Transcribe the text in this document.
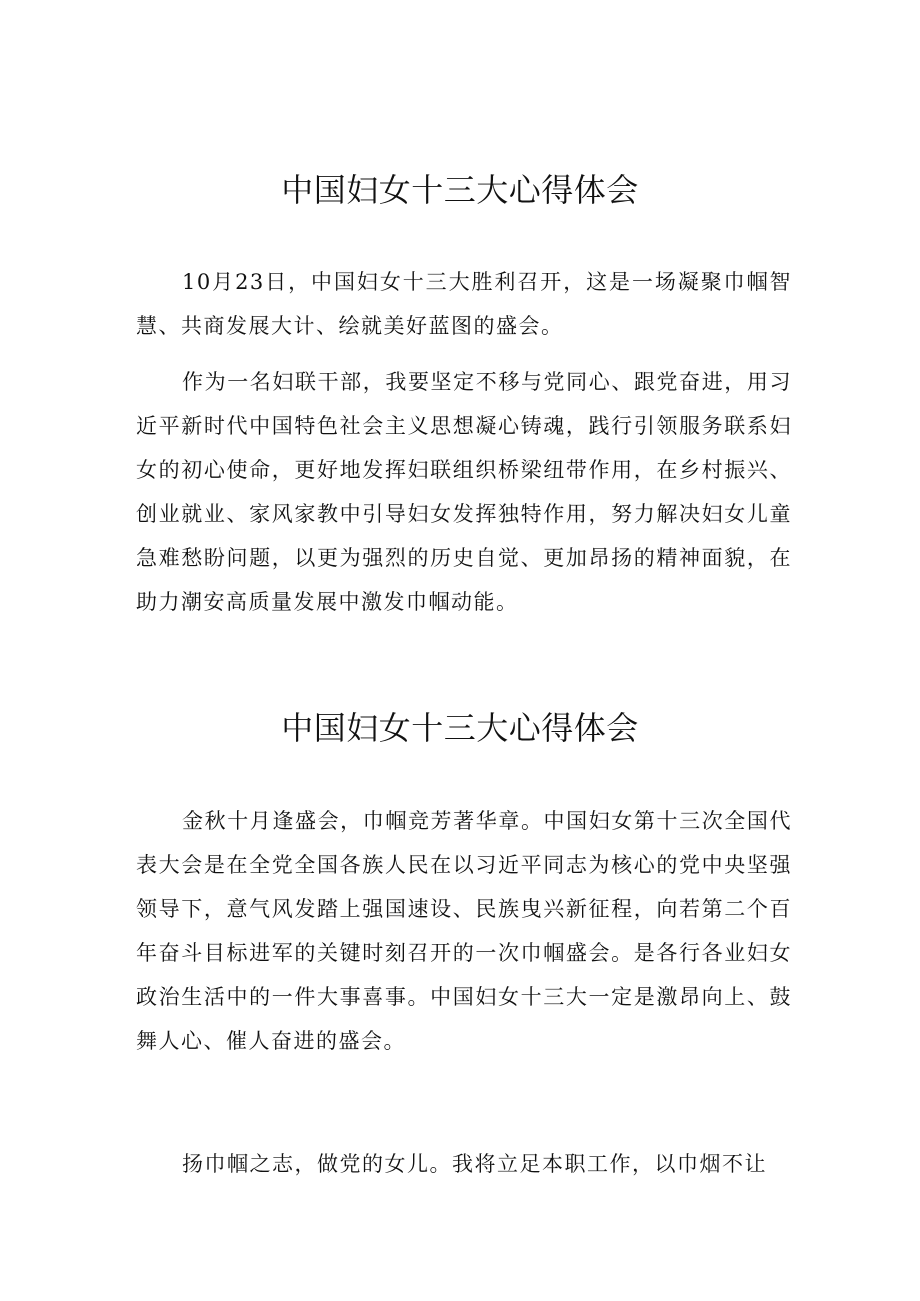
中国妇女十三大心得体会

10月23日，中国妇女十三大胜利召开，这是一场凝聚巾帼智慧、共商发展大计、绘就美好蓝图的盛会。

作为一名妇联干部，我要坚定不移与党同心、跟党奋进，用习近平新时代中国特色社会主义思想凝心铸魂，践行引领服务联系妇女的初心使命，更好地发挥妇联组织桥梁纽带作用，在乡村振兴、创业就业、家风家教中引导妇女发挥独特作用，努力解决妇女儿童急难愁盼问题，以更为强烈的历史自觉、更加昂扬的精神面貌，在助力潮安高质量发展中激发巾帼动能。

中国妇女十三大心得体会

金秋十月逢盛会，巾帼竞芳著华章。中国妇女第十三次全国代表大会是在全党全国各族人民在以习近平同志为核心的党中央坚强领导下，意气风发踏上强国速设、民族曳兴新征程，向若第二个百年奋斗目标进军的关键时刻召开的一次巾帼盛会。是各行各业妇女政治生活中的一件大事喜事。中国妇女十三大一定是激昂向上、鼓舞人心、催人奋进的盛会。

扬巾帼之志，做党的女儿。我将立足本职工作，以巾烟不让
